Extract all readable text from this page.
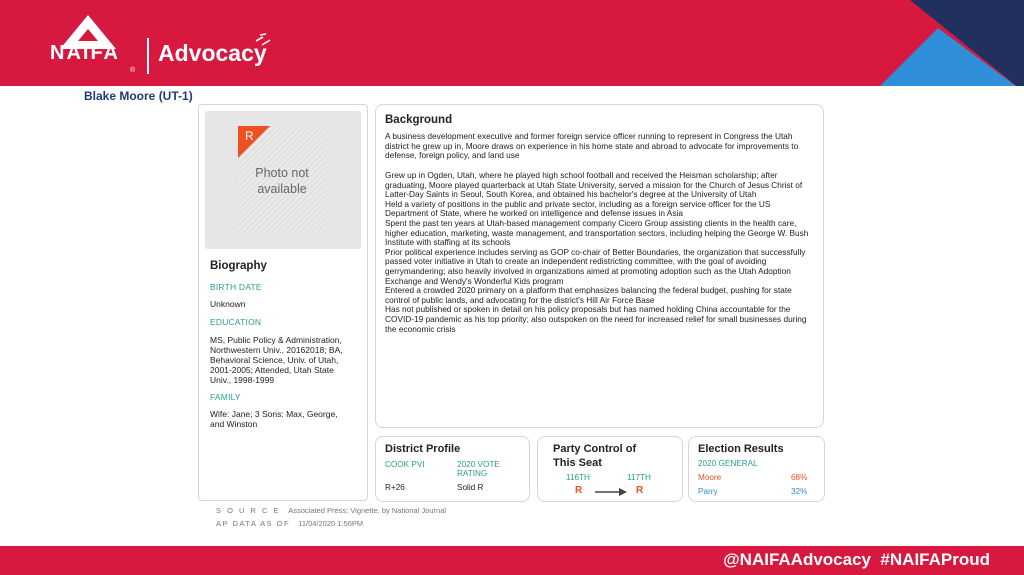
NAIFA
®
Advocacy
Blake Moore (UT-1)
R
Photo not
available
Biography
BIRTH DATE
Unknown
EDUCATION
MS, Public Policy & Administration, Northwestern Univ., 20162018; BA, Behavioral Science, Univ. of Utah, 2001-2005; Attended, Utah State Univ., 1998-1999
FAMILY
Wife: Jane; 3 Sons: Max, George, and Winston
Background
A business development executive and former foreign service officer running to represent in Congress the Utah district he grew up in, Moore draws on experience in his home state and abroad to advocate for improvements to defense, foreign policy, and land use
Grew up in Ogden, Utah, where he played high school football and received the Heisman scholarship; after graduating, Moore played quarterback at Utah State University, served a mission for the Church of Jesus Christ of Latter-Day Saints in Seoul, South Korea, and obtained his bachelor's degree at the University of Utah
Held a variety of positions in the public and private sector, including as a foreign service officer for the US Department of State, where he worked on intelligence and defense issues in Asia
Spent the past ten years at Utah-based management company Cicero Group assisting clients in the health care, higher education, marketing, waste management, and transportation sectors, including helping the George W. Bush Institute with staffing at its schools
Prior political experience includes serving as GOP co-chair of Better Boundaries, the organization that successfully passed voter initiative in Utah to create an independent redistricting committee, with the goal of avoiding gerrymandering; also heavily involved in organizations aimed at promoting adoption such as the Utah Adoption Exchange and Wendy's Wonderful Kids program
Entered a crowded 2020 primary on a platform that emphasizes balancing the federal budget, pushing for state control of public lands, and advocating for the district's Hill Air Force Base
Has not published or spoken in detail on his policy proposals but has named holding China accountable for the COVID-19 pandemic as his top priority; also outspoken on the need for increased relief for small businesses during the economic crisis
District Profile
COOK PVI	2020 VOTE
RATING
R+26	Solid R
Party Control of
This Seat
116TH	117TH
R	R
Election Results
2020 GENERAL
Moore	68%
Parry	32%
S O U R C E Associated Press; Vignette, by National Journal
AP DATA AS OF 11/04/2020 1:56PM
@NAIFAAdvocacy  #NAIFAProud
